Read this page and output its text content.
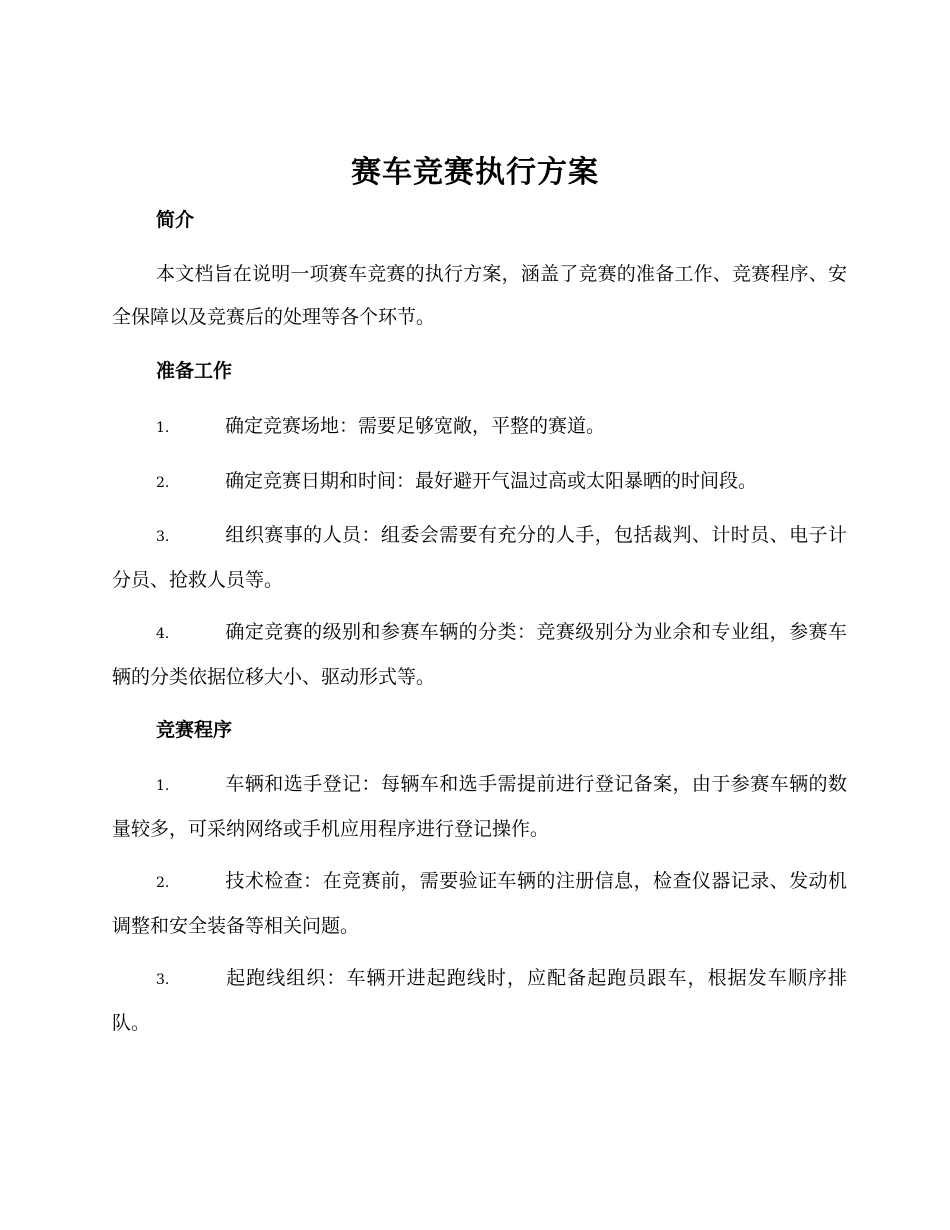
赛车竞赛执行方案
简介

本文档旨在说明一项赛车竞赛的执行方案，涵盖了竞赛的准备工作、竞赛程序、安全保障以及竞赛后的处理等各个环节。

准备工作

1.	确定竞赛场地：需要足够宽敞，平整的赛道。

2.	确定竞赛日期和时间：最好避开气温过高或太阳暴晒的时间段。

3.	组织赛事的人员：组委会需要有充分的人手，包括裁判、计时员、电子计分员、抢救人员等。

4.	确定竞赛的级别和参赛车辆的分类：竞赛级别分为业余和专业组，参赛车辆的分类依据位移大小、驱动形式等。

竞赛程序

1.	车辆和选手登记：每辆车和选手需提前进行登记备案，由于参赛车辆的数量较多，可采纳网络或手机应用程序进行登记操作。

2.	技术检查：在竞赛前，需要验证车辆的注册信息，检查仪器记录、发动机调整和安全装备等相关问题。

3.	起跑线组织：车辆开进起跑线时，应配备起跑员跟车，根据发车顺序排队。
